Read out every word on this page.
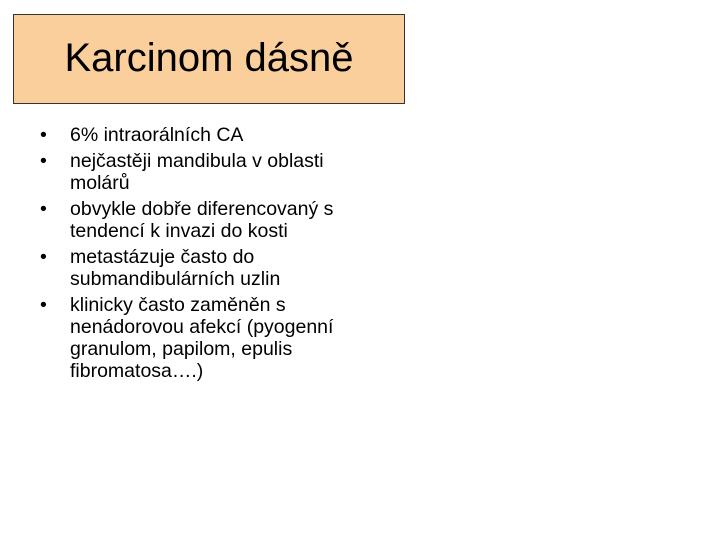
Karcinom dásně
•	6% intraorálních CA
•	nejčastěji mandibula v oblasti molárů
•	obvykle dobře diferencovaný s tendencí k invazi do kosti
•	metastázuje často do submandibulárních uzlin
•	klinicky často zaměněn s nenádorovou afekcí (pyogenní granulom, papilom, epulis fibromatosa….)
